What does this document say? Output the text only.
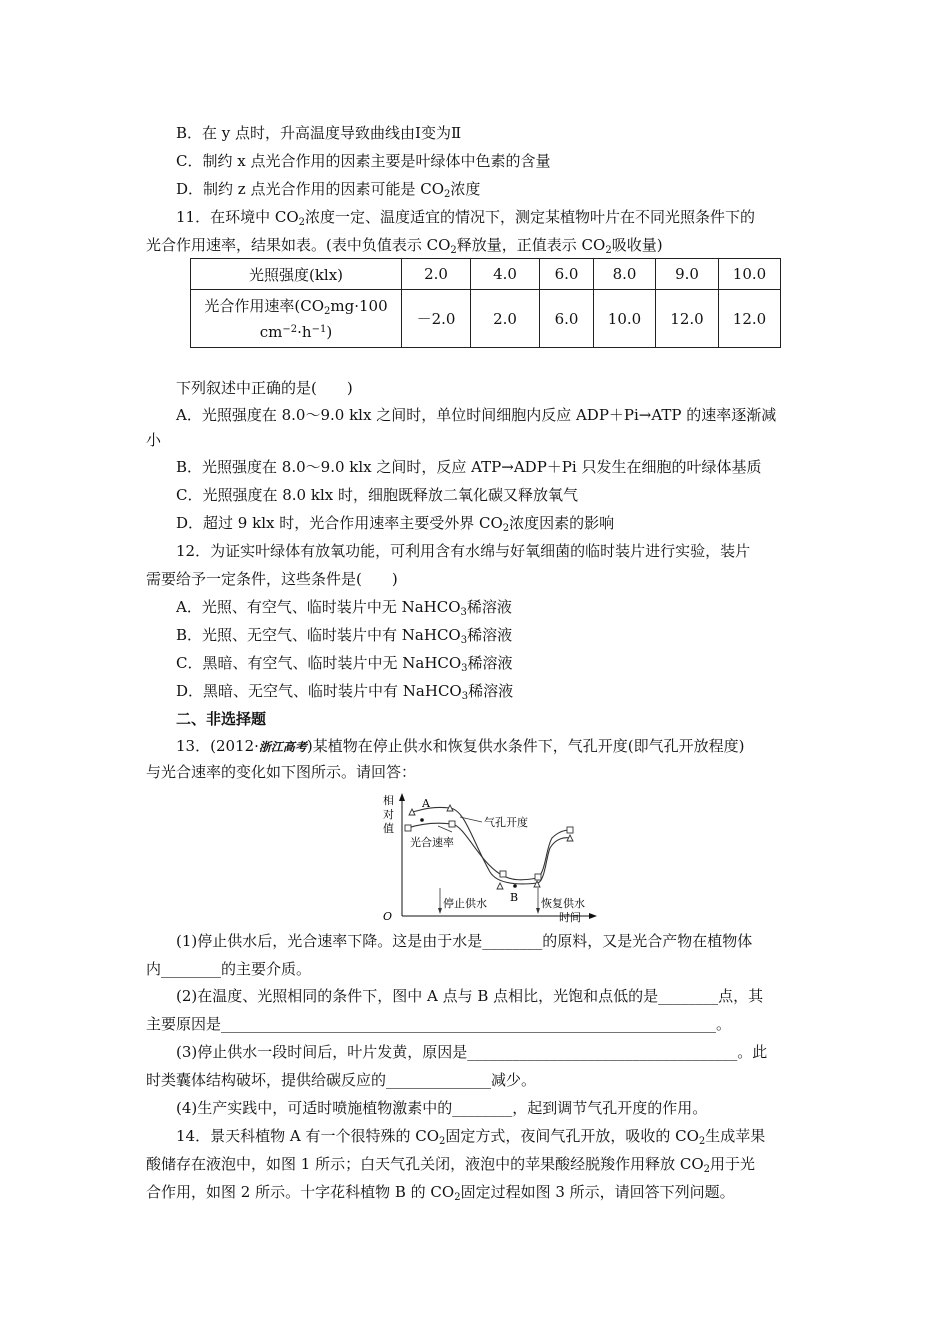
B．在 y 点时，升高温度导致曲线由Ⅰ变为Ⅱ
C．制约 x 点光合作用的因素主要是叶绿体中色素的含量
D．制约 z 点光合作用的因素可能是 $CO_2$浓度
11．在环境中 $CO_2$浓度一定、温度适宜的情况下，测定某植物叶片在不同光照条件下的
光合作用速率，结果如表。(表中负值表示 $CO_2$释放量，正值表示 $CO_2$吸收量)
光照强度(klx)	2.0	4.0	6.0	8.0	9.0	10.0
光合作用速率($CO_2mg\cdot 100$
$cm^{-2}\cdot h^{-1}$)	－2.0	2.0	6.0	10.0	12.0	12.0
下列叙述中正确的是(　　)
A．光照强度在 8.0～9.0 klx 之间时，单位时间细胞内反应 ADP＋Pi→ATP 的速率逐渐减
小
B．光照强度在 8.0～9.0 klx 之间时，反应 ATP→ADP＋Pi 只发生在细胞的叶绿体基质
C．光照强度在 8.0 klx 时，细胞既释放二氧化碳又释放氧气
D．超过 9 klx 时，光合作用速率主要受外界 $CO_2$浓度因素的影响
12．为证实叶绿体有放氧功能，可利用含有水绵与好氧细菌的临时装片进行实验，装片
需要给予一定条件，这些条件是(　　)
A．光照、有空气、临时装片中无 NaHCO$_3$稀溶液
B．光照、无空气、临时装片中有 NaHCO$_3$稀溶液
C．黑暗、有空气、临时装片中无 NaHCO$_3$稀溶液
D．黑暗、无空气、临时装片中有 NaHCO$_3$稀溶液
二、非选择题
13．(2012·浙江高考)某植物在停止供水和恢复供水条件下，气孔开度(即气孔开放程度)
与光合速率的变化如下图所示。请回答：
相
对
值
O	时间
A
B
气孔开度
光合速率
停止供水	恢复供水
(1)停止供水后，光合速率下降。这是由于水是________的原料，又是光合产物在植物体
内________的主要介质。
(2)在温度、光照相同的条件下，图中 A 点与 B 点相比，光饱和点低的是________点，其
主要原因是__________________________________________________________________。
(3)停止供水一段时间后，叶片发黄，原因是____________________________________。此
时类囊体结构破坏，提供给碳反应的______________减少。
(4)生产实践中，可适时喷施植物激素中的________，起到调节气孔开度的作用。
14．景天科植物 A 有一个很特殊的 $CO_2$固定方式，夜间气孔开放，吸收的 $CO_2$生成苹果
酸储存在液泡中，如图 1 所示；白天气孔关闭，液泡中的苹果酸经脱羧作用释放 $CO_2$用于光
合作用，如图 2 所示。十字花科植物 B 的 $CO_2$固定过程如图 3 所示，请回答下列问题。
